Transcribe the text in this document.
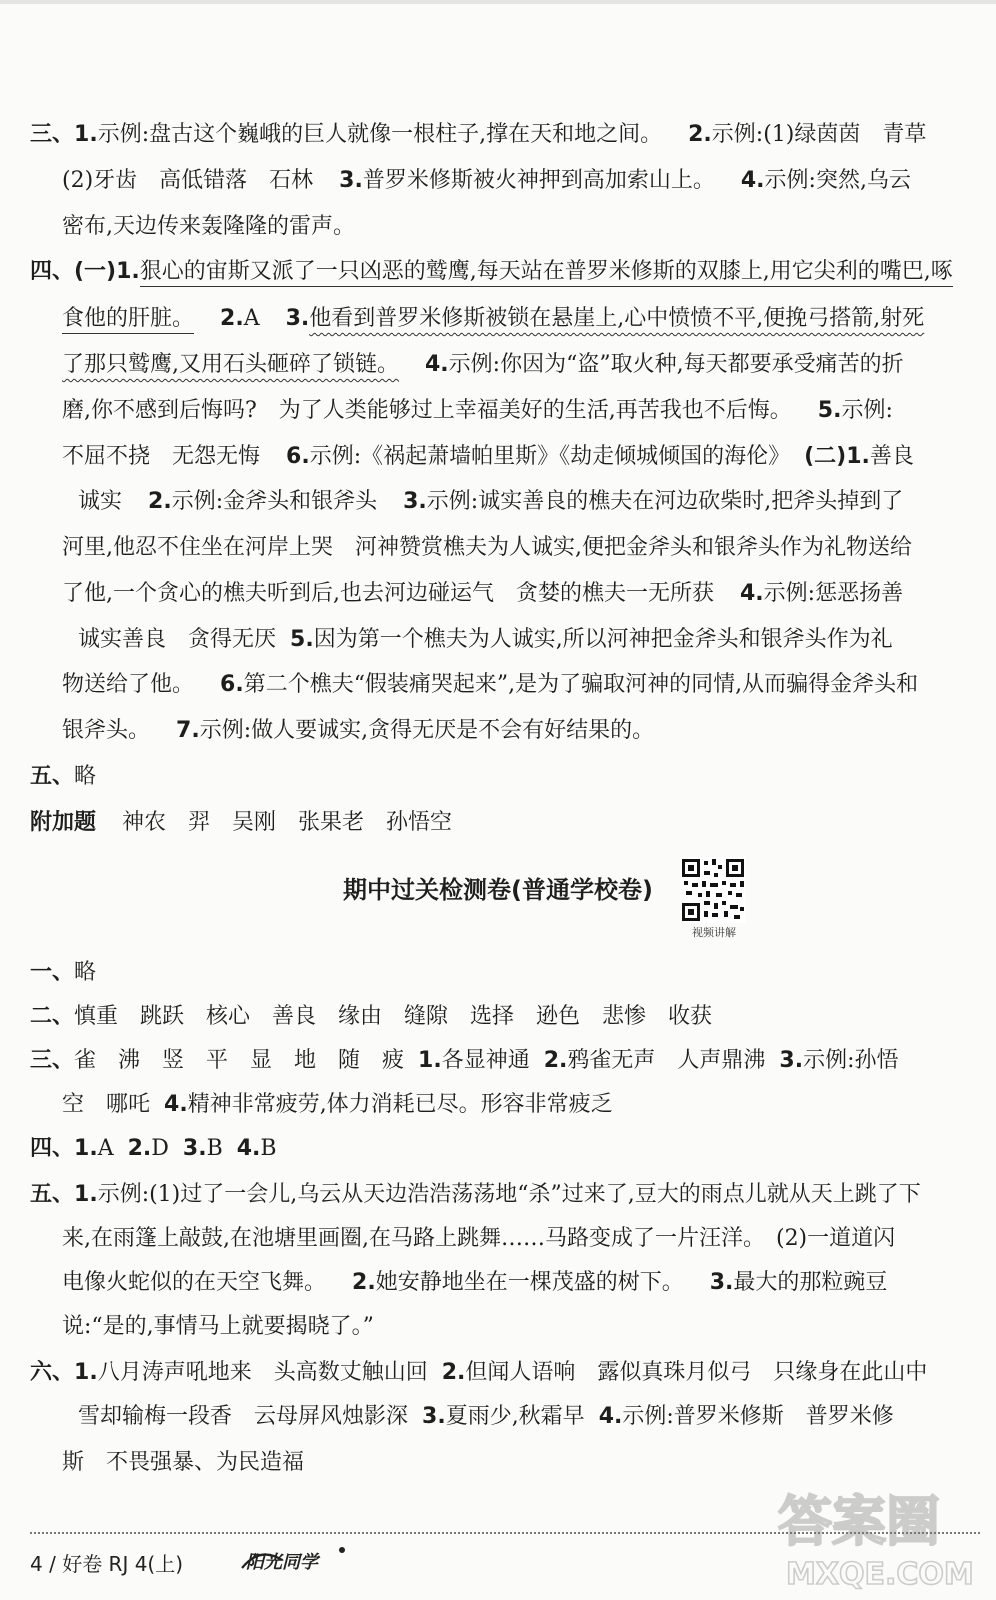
三、1.示例:盘古这个巍峨的巨人就像一根柱子,撑在天和地之间。 2.示例:(1)绿茵茵　青草
(2)牙齿　高低错落　石林 3.普罗米修斯被火神押到高加索山上。 4.示例:突然,乌云
密布,天边传来轰隆隆的雷声。
四、(一)1.狠心的宙斯又派了一只凶恶的鹫鹰,每天站在普罗米修斯的双膝上,用它尖利的嘴巴,啄
食他的肝脏。 2.A 3.他看到普罗米修斯被锁在悬崖上,心中愤愤不平,便挽弓搭箭,射死
了那只鹫鹰,又用石头砸碎了锁链。 4.示例:你因为“盗”取火种,每天都要承受痛苦的折
磨,你不感到后悔吗?　为了人类能够过上幸福美好的生活,再苦我也不后悔。 5.示例:
不屈不挠　无怨无悔 6.示例:《祸起萧墙帕里斯》《劫走倾城倾国的海伦》 (二)1.善良
诚实 2.示例:金斧头和银斧头 3.示例:诚实善良的樵夫在河边砍柴时,把斧头掉到了
河里,他忍不住坐在河岸上哭　河神赞赏樵夫为人诚实,便把金斧头和银斧头作为礼物送给
了他,一个贪心的樵夫听到后,也去河边碰运气　贪婪的樵夫一无所获 4.示例:惩恶扬善
诚实善良　贪得无厌 5.因为第一个樵夫为人诚实,所以河神把金斧头和银斧头作为礼
物送给了他。 6.第二个樵夫“假装痛哭起来”,是为了骗取河神的同情,从而骗得金斧头和
银斧头。 7.示例:做人要诚实,贪得无厌是不会有好结果的。
五、略
附加题 神农　羿　吴刚　张果老　孙悟空
期中过关检测卷(普通学校卷)
视频讲解
一、略
二、慎重　跳跃　核心　善良　缘由　缝隙　选择　逊色　悲惨　收获
三、雀　沸　竖　平　显　地　随　疲 1.各显神通 2.鸦雀无声　人声鼎沸 3.示例:孙悟
空　哪吒 4.精神非常疲劳,体力消耗已尽。形容非常疲乏
四、1.A 2.D 3.B 4.B
五、1.示例:(1)过了一会儿,乌云从天边浩浩荡荡地“杀”过来了,豆大的雨点儿就从天上跳了下
来,在雨篷上敲鼓,在池塘里画圈,在马路上跳舞……马路变成了一片汪洋。　(2)一道道闪
电像火蛇似的在天空飞舞。 2.她安静地坐在一棵茂盛的树下。 3.最大的那粒豌豆
说:“是的,事情马上就要揭晓了。”
六、1.八月涛声吼地来　头高数丈触山回 2.但闻人语响　露似真珠月似弓　只缘身在此山中
雪却输梅一段香　云母屏风烛影深 3.夏雨少,秋霜早 4.示例:普罗米修斯　普罗米修
斯　不畏强暴、为民造福
4 / 好卷 RJ 4(上)	阳光同学
答案圈
MXQE.COM
